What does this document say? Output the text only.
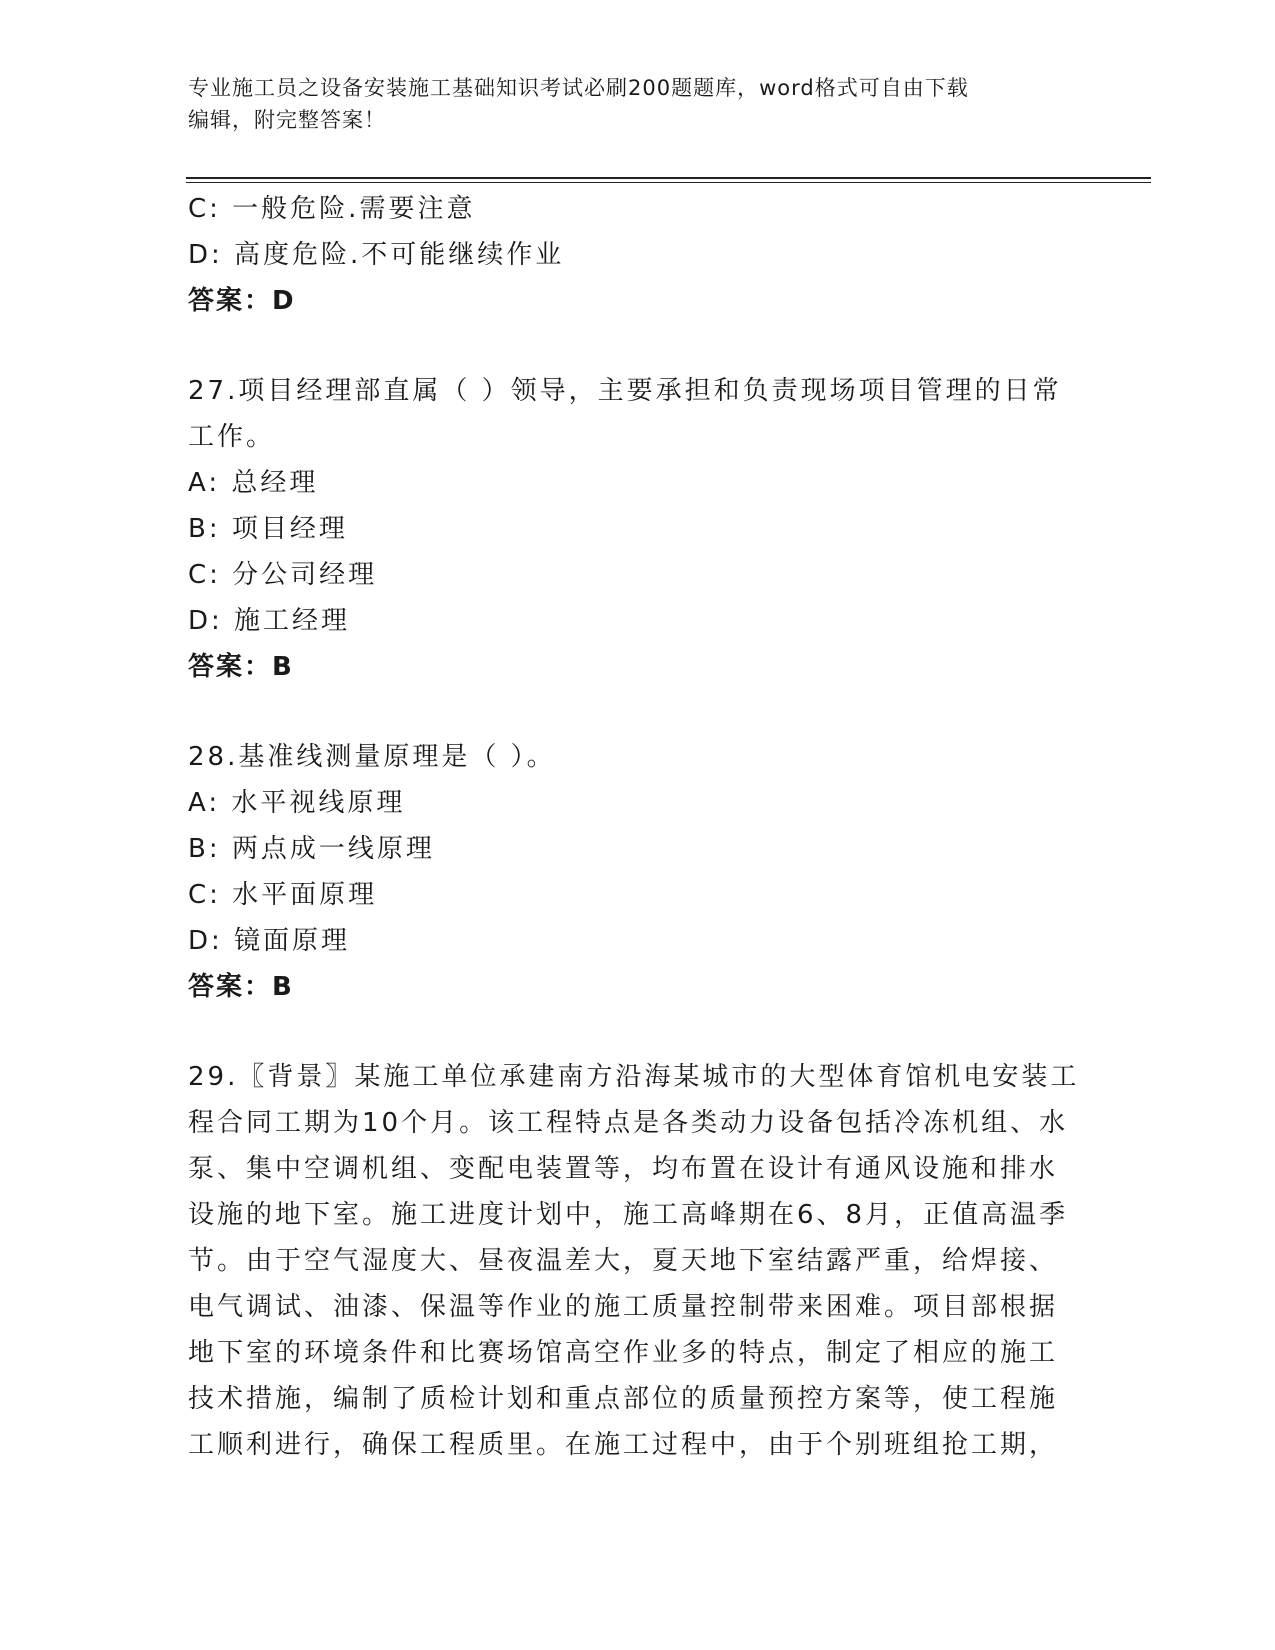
专业施工员之设备安装施工基础知识考试必刷200题题库，word格式可自由下载
编辑，附完整答案！
C: 一般危险.需要注意
D: 高度危险.不可能继续作业
答案：D
27.项目经理部直属（ ）领导，主要承担和负责现场项目管理的日常
工作。
A: 总经理
B: 项目经理
C: 分公司经理
D: 施工经理
答案：B
28.基准线测量原理是（ ）。
A: 水平视线原理
B: 两点成一线原理
C: 水平面原理
D: 镜面原理
答案：B
29.〖背景〗某施工单位承建南方沿海某城市的大型体育馆机电安装工
程合同工期为10个月。该工程特点是各类动力设备包括冷冻机组、水
泵、集中空调机组、变配电装置等，均布置在设计有通风设施和排水
设施的地下室。施工进度计划中，施工高峰期在6、8月，正值高温季
节。由于空气湿度大、昼夜温差大，夏天地下室结露严重，给焊接、
电气调试、油漆、保温等作业的施工质量控制带来困难。项目部根据
地下室的环境条件和比赛场馆高空作业多的特点，制定了相应的施工
技术措施，编制了质检计划和重点部位的质量预控方案等，使工程施
工顺利进行，确保工程质里。在施工过程中，由于个别班组抢工期，
